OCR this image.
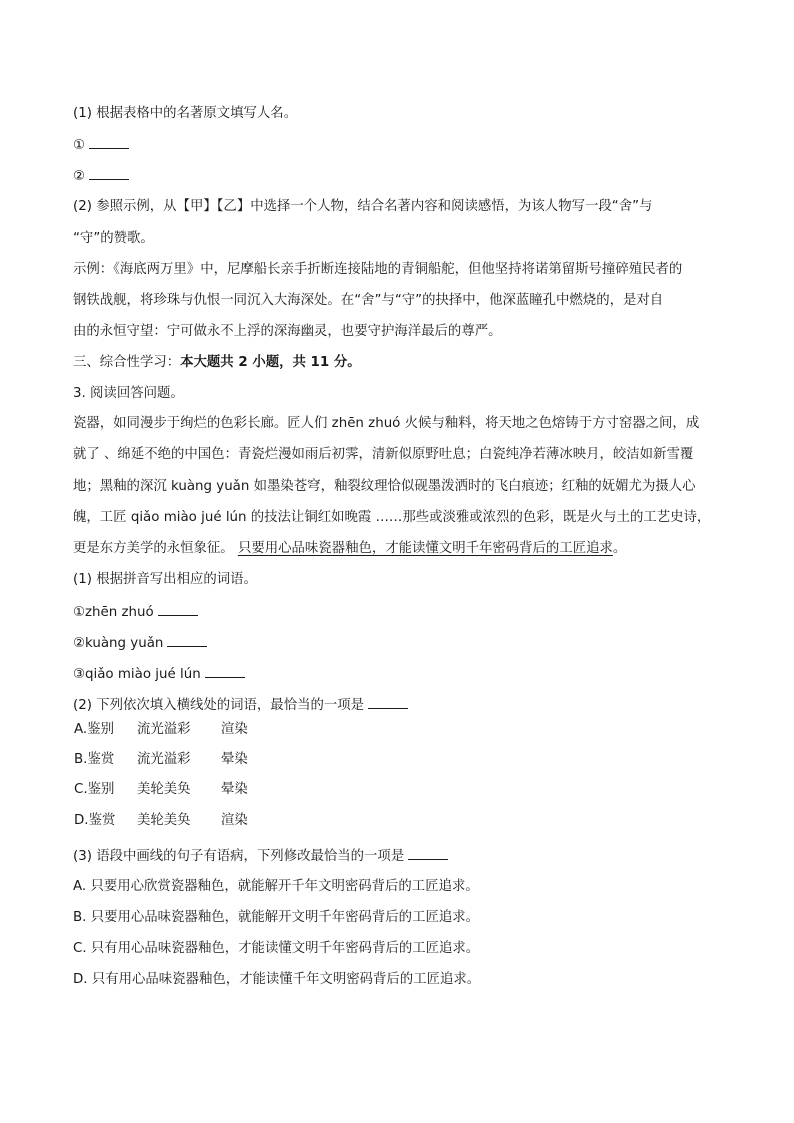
(1) 根据表格中的名著原文填写人名。
①
②
(2) 参照示例，从【甲】【乙】中选择一个人物，结合名著内容和阅读感悟，为该人物写一段“舍”与
“守”的赞歌。
示例：《海底两万里》中，尼摩船长亲手折断连接陆地的青铜船舵，但他坚持将诺第留斯号撞碎殖民者的
钢铁战舰，将珍珠与仇恨一同沉入大海深处。在“舍”与“守”的抉择中，他深蓝瞳孔中燃烧的，是对自
由的永恒守望：宁可做永不上浮的深海幽灵，也要守护海洋最后的尊严。
三、综合性学习：本大题共 2 小题，共 11 分。
3. 阅读回答问题。
瓷器，如同漫步于绚烂的色彩长廊。匠人们 zhēn zhuó 火候与釉料，将天地之色熔铸于方寸窑器之间，成
就了 、绵延不绝的中国色：青瓷烂漫如雨后初霁，清新似原野吐息；白瓷纯净若薄冰映月，皎洁如新雪覆
地；黑釉的深沉 kuàng yuǎn 如墨染苍穹，釉裂纹理恰似砚墨泼洒时的飞白痕迹；红釉的妩媚尤为摄人心
魄，工匠 qiǎo miào jué lún 的技法让铜红如晚霞 ……那些或淡雅或浓烈的色彩，既是火与土的工艺史诗，
更是东方美学的永恒象征。 只要用心品味瓷器釉色，才能读懂文明千年密码背后的工匠追求。
(1) 根据拼音写出相应的词语。
①zhēn zhuó
②kuàng yuǎn
③qiǎo miào jué lún
(2) 下列依次填入横线处的词语，最恰当的一项是
A.鉴别 流光溢彩 渲染
B.鉴赏 流光溢彩 晕染
C.鉴别 美轮美奂 晕染
D.鉴赏 美轮美奂 渲染
(3) 语段中画线的句子有语病，下列修改最恰当的一项是
A. 只要用心欣赏瓷器釉色，就能解开千年文明密码背后的工匠追求。
B. 只要用心品味瓷器釉色，就能解开文明千年密码背后的工匠追求。
C. 只有用心品味瓷器釉色，才能读懂文明千年密码背后的工匠追求。
D. 只有用心品味瓷器釉色，才能读懂千年文明密码背后的工匠追求。
